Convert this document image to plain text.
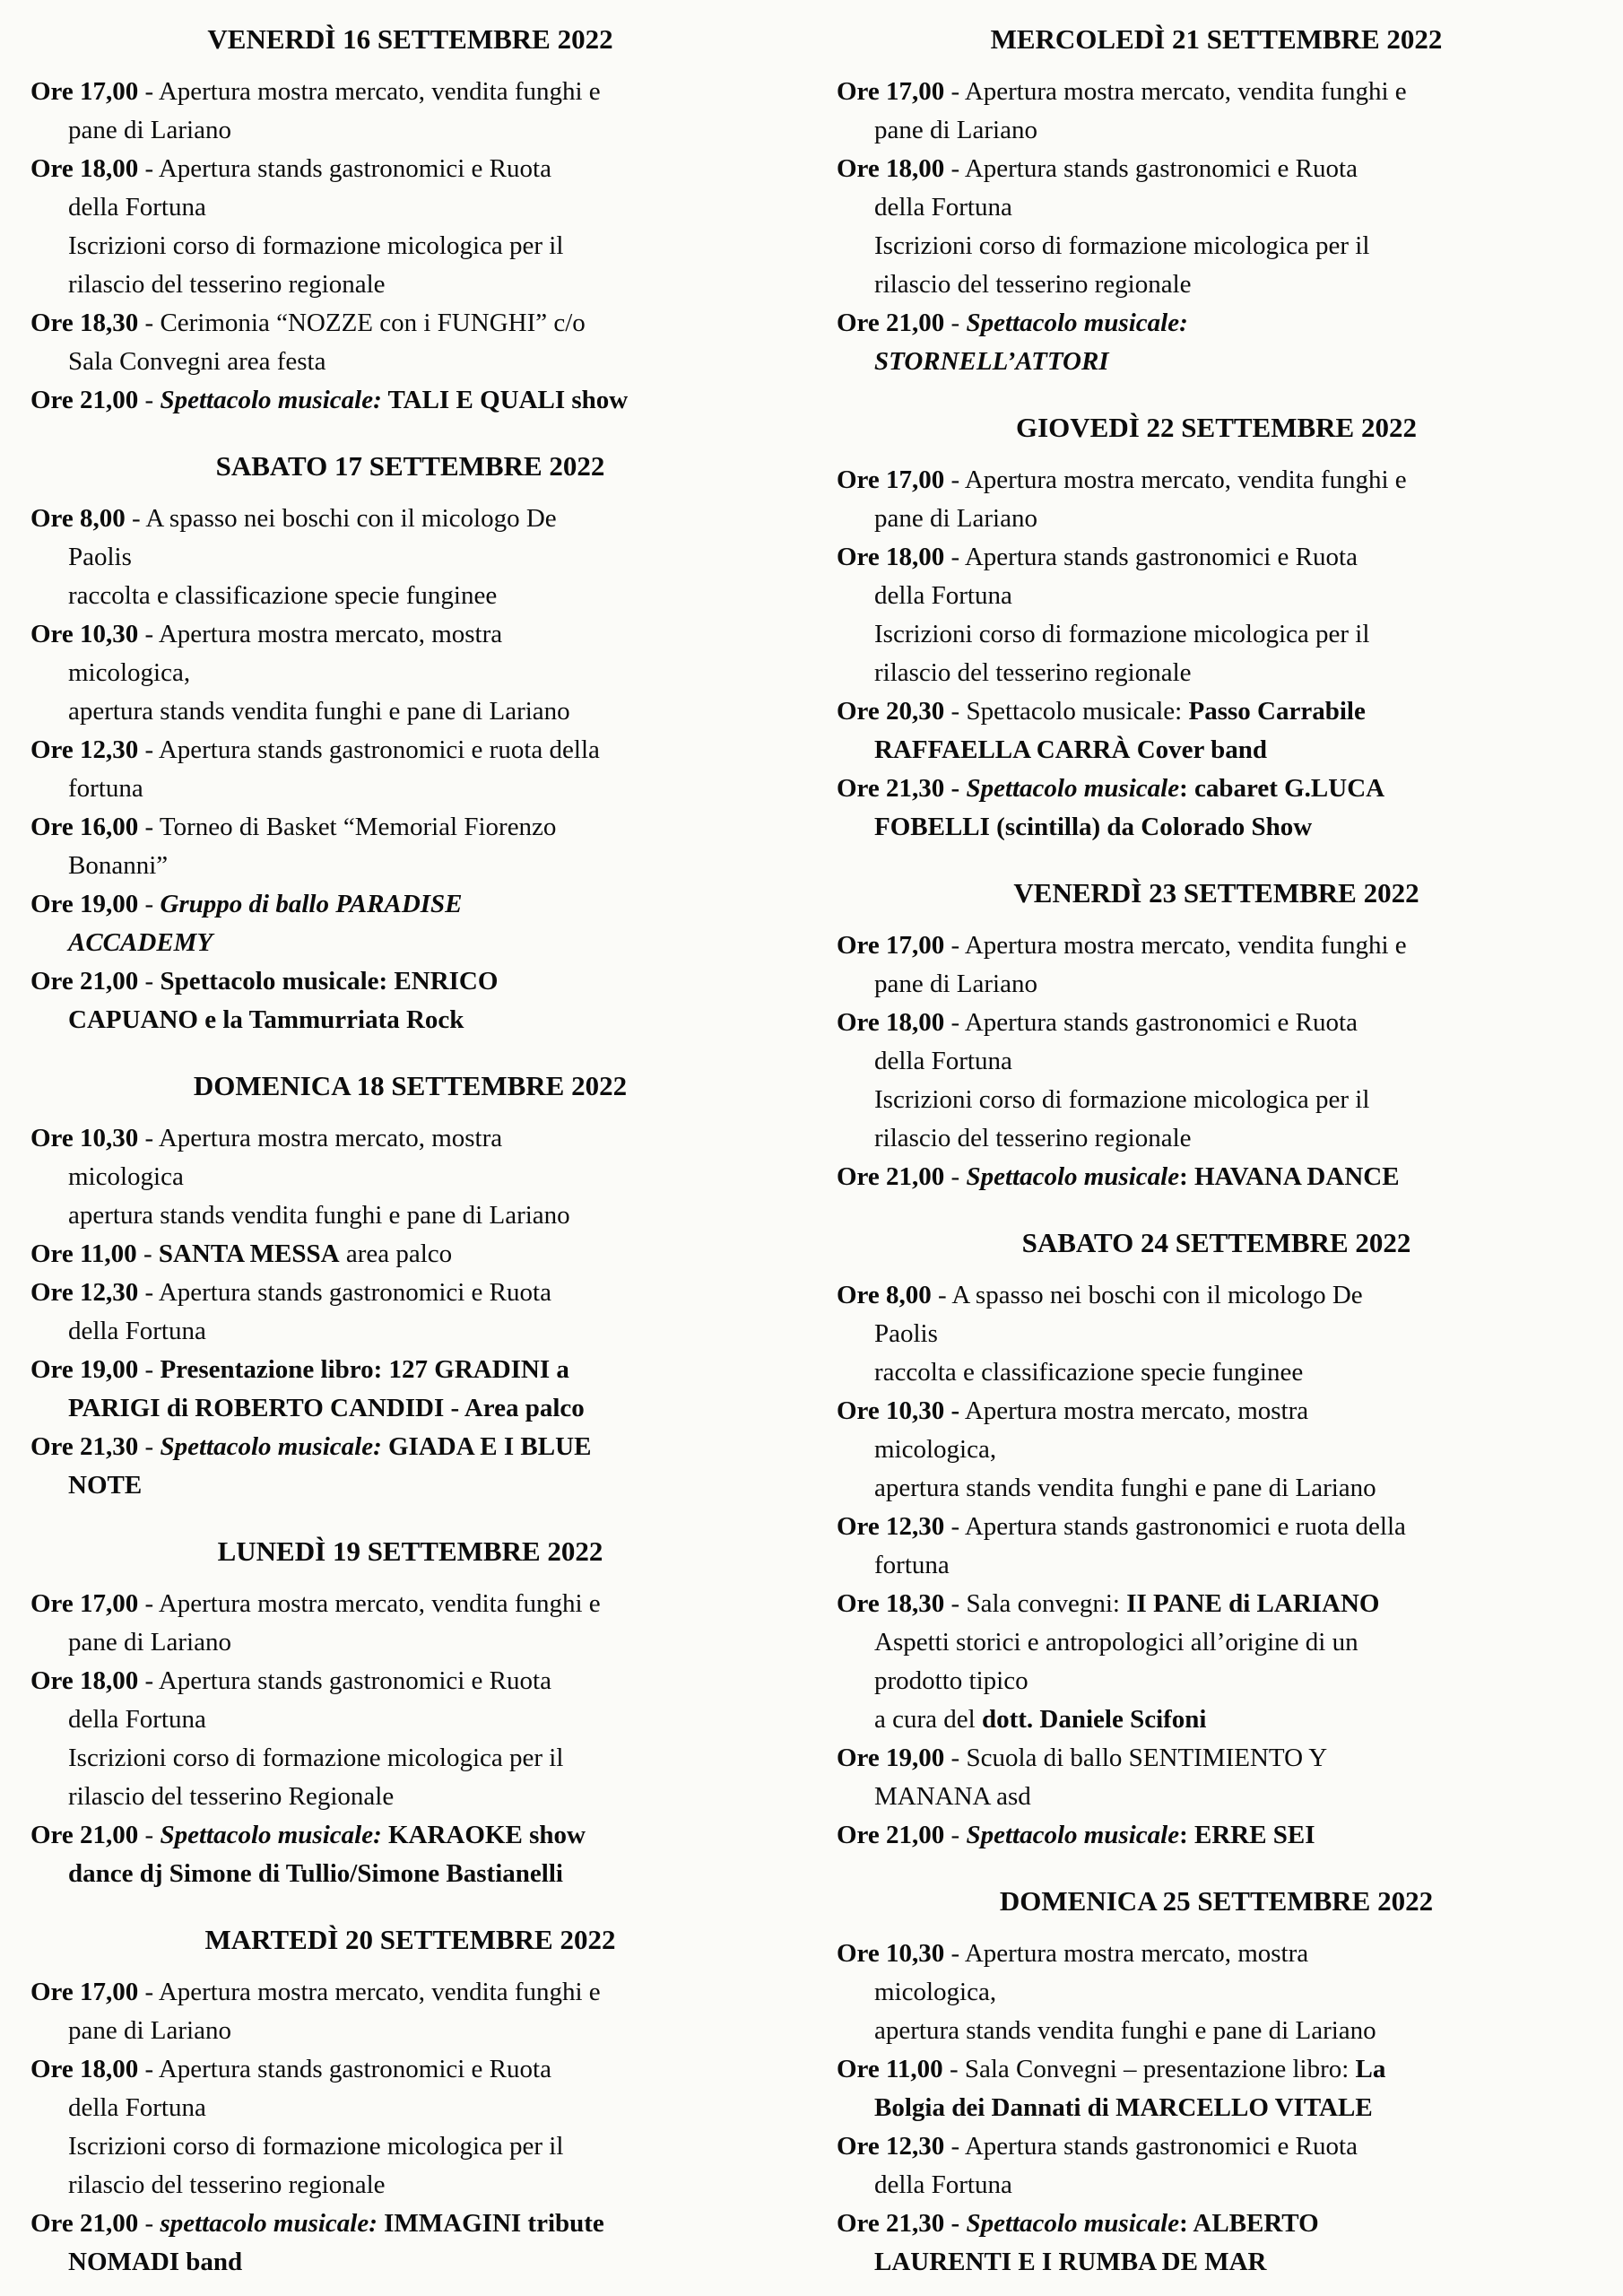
VENERDÌ 16 SETTEMBRE 2022
Ore 17,00 - Apertura mostra mercato, vendita funghi e
pane di Lariano
Ore 18,00 - Apertura stands gastronomici e Ruota
della Fortuna
Iscrizioni corso di formazione micologica per il
rilascio del tesserino regionale
Ore 18,30 - Cerimonia “NOZZE con i FUNGHI” c/o
Sala Convegni area festa
Ore 21,00 - Spettacolo musicale: TALI E QUALI show
SABATO 17 SETTEMBRE 2022
Ore 8,00 - A spasso nei boschi con il micologo De
Paolis
raccolta e classificazione specie funginee
Ore 10,30 - Apertura mostra mercato, mostra
micologica,
apertura stands vendita funghi e pane di Lariano
Ore 12,30 - Apertura stands gastronomici e ruota della
fortuna
Ore 16,00 - Torneo di Basket “Memorial Fiorenzo
Bonanni”
Ore 19,00 - Gruppo di ballo PARADISE
ACCADEMY
Ore 21,00 - Spettacolo musicale: ENRICO
CAPUANO e la Tammurriata Rock
DOMENICA 18 SETTEMBRE 2022
Ore 10,30 - Apertura mostra mercato, mostra
micologica
apertura stands vendita funghi e pane di Lariano
Ore 11,00 - SANTA MESSA area palco
Ore 12,30 - Apertura stands gastronomici e Ruota
della Fortuna
Ore 19,00 - Presentazione libro: 127 GRADINI a
PARIGI di ROBERTO CANDIDI - Area palco
Ore 21,30 - Spettacolo musicale: GIADA E I BLUE
NOTE
LUNEDÌ 19 SETTEMBRE 2022
Ore 17,00 - Apertura mostra mercato, vendita funghi e
pane di Lariano
Ore 18,00 - Apertura stands gastronomici e Ruota
della Fortuna
Iscrizioni corso di formazione micologica per il
rilascio del tesserino Regionale
Ore 21,00 - Spettacolo musicale: KARAOKE show
dance dj Simone di Tullio/Simone Bastianelli
MARTEDÌ 20 SETTEMBRE 2022
Ore 17,00 - Apertura mostra mercato, vendita funghi e
pane di Lariano
Ore 18,00 - Apertura stands gastronomici e Ruota
della Fortuna
Iscrizioni corso di formazione micologica per il
rilascio del tesserino regionale
Ore 21,00 - spettacolo musicale: IMMAGINI tribute
NOMADI band
MERCOLEDÌ 21 SETTEMBRE 2022
Ore 17,00 - Apertura mostra mercato, vendita funghi e
pane di Lariano
Ore 18,00 - Apertura stands gastronomici e Ruota
della Fortuna
Iscrizioni corso di formazione micologica per il
rilascio del tesserino regionale
Ore 21,00 - Spettacolo musicale:
STORNELL’ATTORI
GIOVEDÌ 22 SETTEMBRE 2022
Ore 17,00 - Apertura mostra mercato, vendita funghi e
pane di Lariano
Ore 18,00 - Apertura stands gastronomici e Ruota
della Fortuna
Iscrizioni corso di formazione micologica per il
rilascio del tesserino regionale
Ore 20,30 - Spettacolo musicale: Passo Carrabile
RAFFAELLA CARRÀ Cover band
Ore 21,30 - Spettacolo musicale: cabaret G.LUCA
FOBELLI (scintilla) da Colorado Show
VENERDÌ 23 SETTEMBRE 2022
Ore 17,00 - Apertura mostra mercato, vendita funghi e
pane di Lariano
Ore 18,00 - Apertura stands gastronomici e Ruota
della Fortuna
Iscrizioni corso di formazione micologica per il
rilascio del tesserino regionale
Ore 21,00 - Spettacolo musicale: HAVANA DANCE
SABATO 24 SETTEMBRE 2022
Ore 8,00 - A spasso nei boschi con il micologo De
Paolis
raccolta e classificazione specie funginee
Ore 10,30 - Apertura mostra mercato, mostra
micologica,
apertura stands vendita funghi e pane di Lariano
Ore 12,30 - Apertura stands gastronomici e ruota della
fortuna
Ore 18,30 - Sala convegni: II PANE di LARIANO
Aspetti storici e antropologici all’origine di un
prodotto tipico
a cura del dott. Daniele Scifoni
Ore 19,00 - Scuola di ballo SENTIMIENTO Y
MANANA asd
Ore 21,00 - Spettacolo musicale: ERRE SEI
DOMENICA 25 SETTEMBRE 2022
Ore 10,30 - Apertura mostra mercato, mostra
micologica,
apertura stands vendita funghi e pane di Lariano
Ore 11,00 - Sala Convegni – presentazione libro: La
Bolgia dei Dannati di MARCELLO VITALE
Ore 12,30 - Apertura stands gastronomici e Ruota
della Fortuna
Ore 21,30 - Spettacolo musicale: ALBERTO
LAURENTI E I RUMBA DE MAR
